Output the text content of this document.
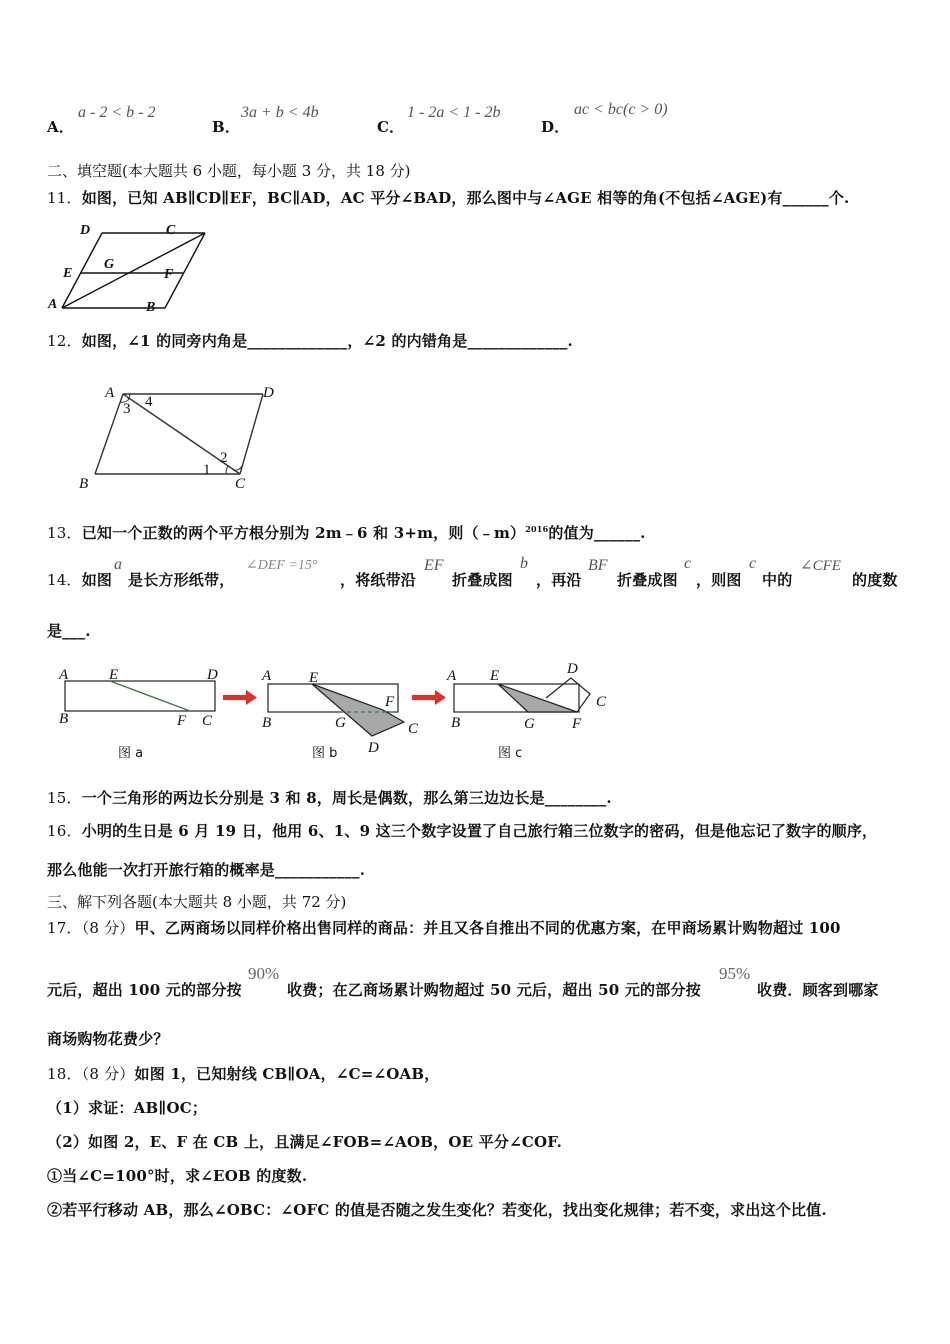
A．
a - 2 < b - 2
B．
3a + b < 4b
C．
1 - 2a < 1 - 2b
D．
ac < bc(c > 0)
二、填空题(本大题共 6 小题，每小题 3 分，共 18 分)
11．如图，已知 AB∥CD∥EF，BC∥AD，AC 平分∠BAD，那么图中与∠AGE 相等的角(不包括∠AGE)有______个.
D	C
E
G
F
A	B
12．如图，∠1 的同旁内角是_____________，∠2 的内错角是_____________.
A	D
B	C
4
3
2
1
13．已知一个正数的两个平方根分别为 2m﹣6 和 3+m，则（﹣m）$^{2016}$的值为______.
14．如图
a
是长方形纸带，
∠DEF =15°
，将纸带沿
EF
折叠成图
b
，再沿
BF
折叠成图
c
，则图
c
中的
∠CFE
的度数
是___.
A	E	D
B	F C
图 a
A	E
F
B	G	C
D
图 b
A E	D
C
B	G F
图 c
15．一个三角形的两边长分别是 3 和 8，周长是偶数，那么第三边边长是________.
16．小明的生日是 6 月 19 日，他用 6、1、9 这三个数字设置了自己旅行箱三位数字的密码，但是他忘记了数字的顺序，
那么他能一次打开旅行箱的概率是___________.
三、解下列各题(本大题共 8 小题，共 72 分)
17．（8 分）甲、乙两商场以同样价格出售同样的商品：并且又各自推出不同的优惠方案，在甲商场累计购物超过 100
元后，超出 100 元的部分按
90%
收费；在乙商场累计购物超过 50 元后，超出 50 元的部分按
95%
收费．顾客到哪家
商场购物花费少？
18．（8 分）如图 1，已知射线 CB∥OA，∠C=∠OAB，
（1）求证：AB∥OC；
（2）如图 2，E、F 在 CB 上，且满足∠FOB=∠AOB，OE 平分∠COF.
①当∠C=100°时，求∠EOB 的度数.
②若平行移动 AB，那么∠OBC：∠OFC 的值是否随之发生变化？若变化，找出变化规律；若不变，求出这个比值.
